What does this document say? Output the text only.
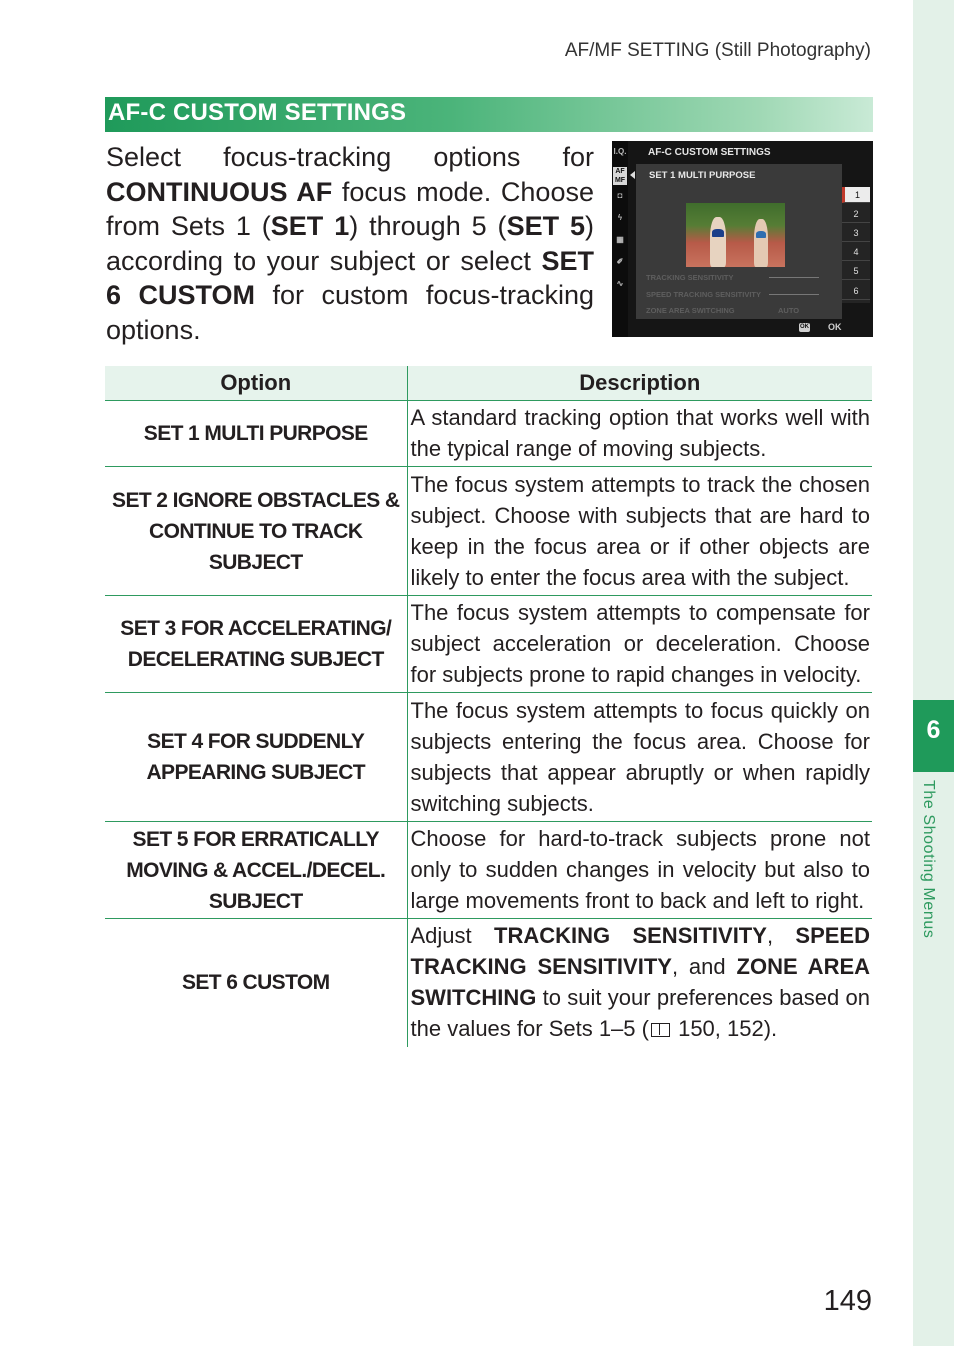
AF/MF SETTING (Still Photography)
AF-C CUSTOM SETTINGS
Select focus-tracking options for CONTINUOUS AF focus mode. Choose from Sets 1 (SET 1) through 5 (SET 5) according to your subject or select SET 6 CUSTOM for custom focus-tracking options.
I.Q.
AF MF
◘
ϟ
▦
✐
∿
AF-C CUSTOM SETTINGS
SET 1 MULTI PURPOSE
TRACKING SENSITIVITY
SPEED TRACKING SENSITIVITY
ZONE AREA SWITCHING	AUTO
1
2
3
4
5
6
OK OK
Option	Description
SET 1 MULTI PURPOSE	A standard tracking option that works well with the typical range of moving subjects.
SET 2 IGNORE OBSTACLES & CONTINUE TO TRACK SUBJECT	The focus system attempts to track the chosen subject. Choose with subjects that are hard to keep in the focus area or if other objects are likely to enter the focus area with the subject.
SET 3 FOR ACCELERATING/ DECELERATING SUBJECT	The focus system attempts to compensate for subject acceleration or deceleration. Choose for subjects prone to rapid changes in velocity.
SET 4 FOR SUDDENLY APPEARING SUBJECT	The focus system attempts to focus quickly on subjects entering the focus area. Choose for subjects that appear abruptly or when rapidly switching subjects.
SET 5 FOR ERRATICALLY MOVING & ACCEL./DECEL. SUBJECT	Choose for hard-to-track subjects prone not only to sudden changes in velocity but also to large movements front to back and left to right.
SET 6 CUSTOM	Adjust TRACKING SENSITIVITY, SPEED TRACKING SENSITIVITY, and ZONE AREA SWITCHING to suit your preferences based on the values for Sets 1–5 ( 150, 152).
6
The Shooting Menus
149
